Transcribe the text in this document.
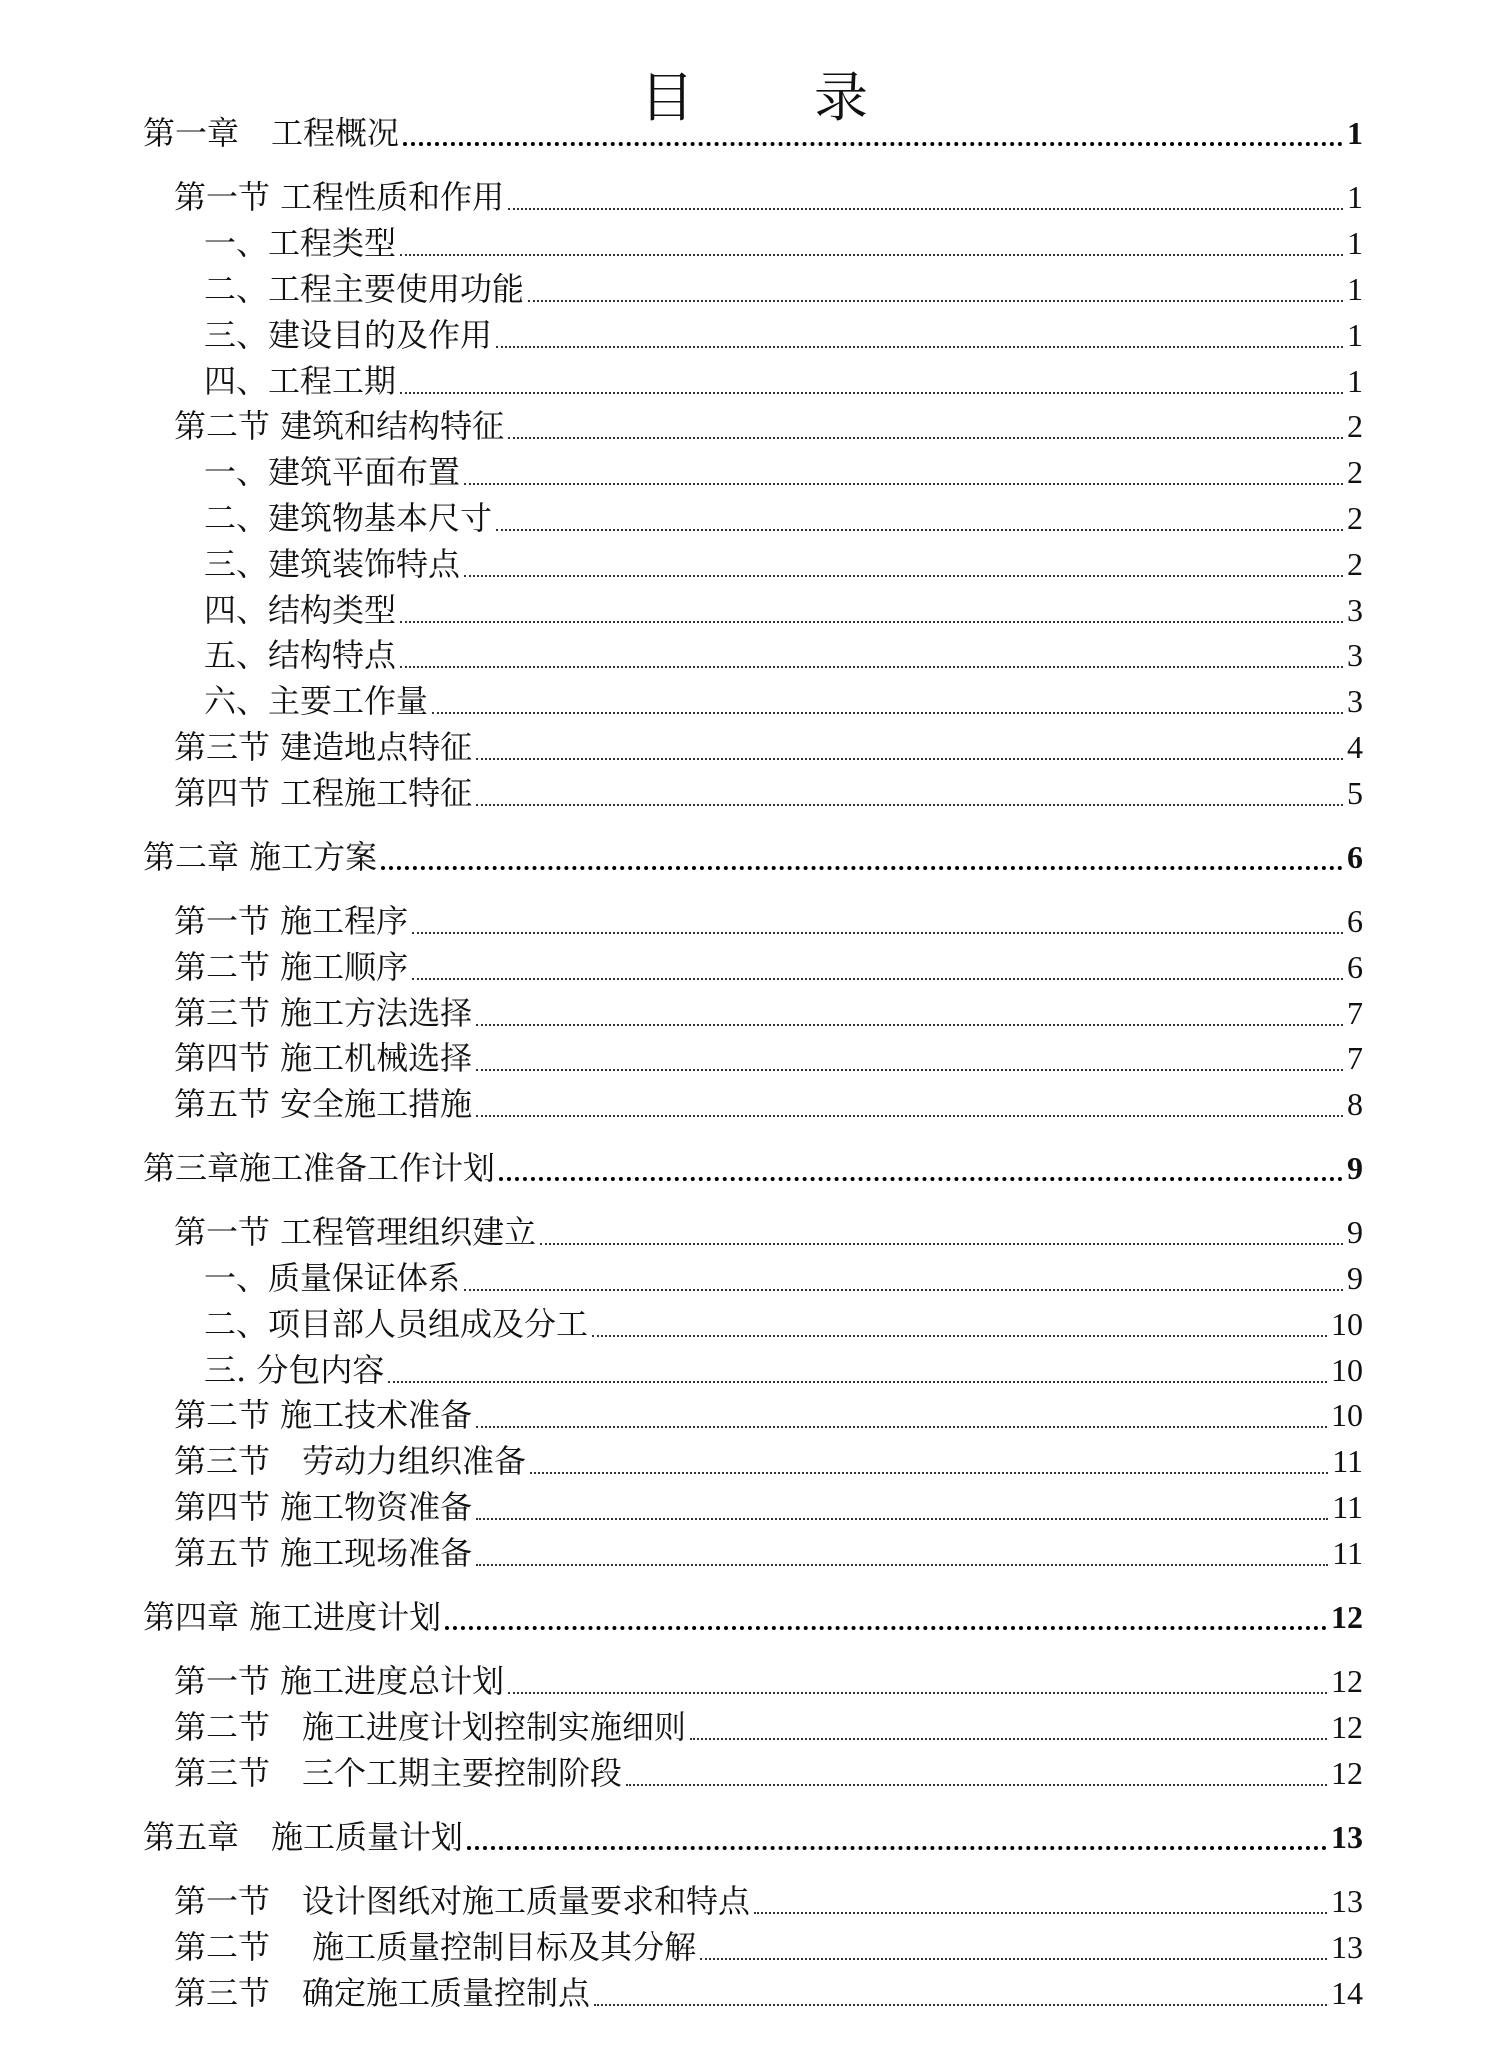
目 录
第一章　工程概况	1
第一节 工程性质和作用	1
一、工程类型	1
二、工程主要使用功能	1
三、建设目的及作用	1
四、工程工期	1
第二节 建筑和结构特征	2
一、建筑平面布置	2
二、建筑物基本尺寸	2
三、建筑装饰特点	2
四、结构类型	3
五、结构特点	3
六、主要工作量	3
第三节 建造地点特征	4
第四节 工程施工特征	5
第二章 施工方案	6
第一节 施工程序	6
第二节 施工顺序	6
第三节 施工方法选择	7
第四节 施工机械选择	7
第五节 安全施工措施	8
第三章施工准备工作计划	9
第一节 工程管理组织建立	9
一、质量保证体系	9
二、项目部人员组成及分工	10
三. 分包内容	10
第二节 施工技术准备	10
第三节　劳动力组织准备	11
第四节 施工物资准备	11
第五节 施工现场准备	11
第四章 施工进度计划	12
第一节 施工进度总计划	12
第二节　施工进度计划控制实施细则	12
第三节　三个工期主要控制阶段	12
第五章　施工质量计划	13
第一节　设计图纸对施工质量要求和特点	13
第二节　 施工质量控制目标及其分解	13
第三节　确定施工质量控制点	14
